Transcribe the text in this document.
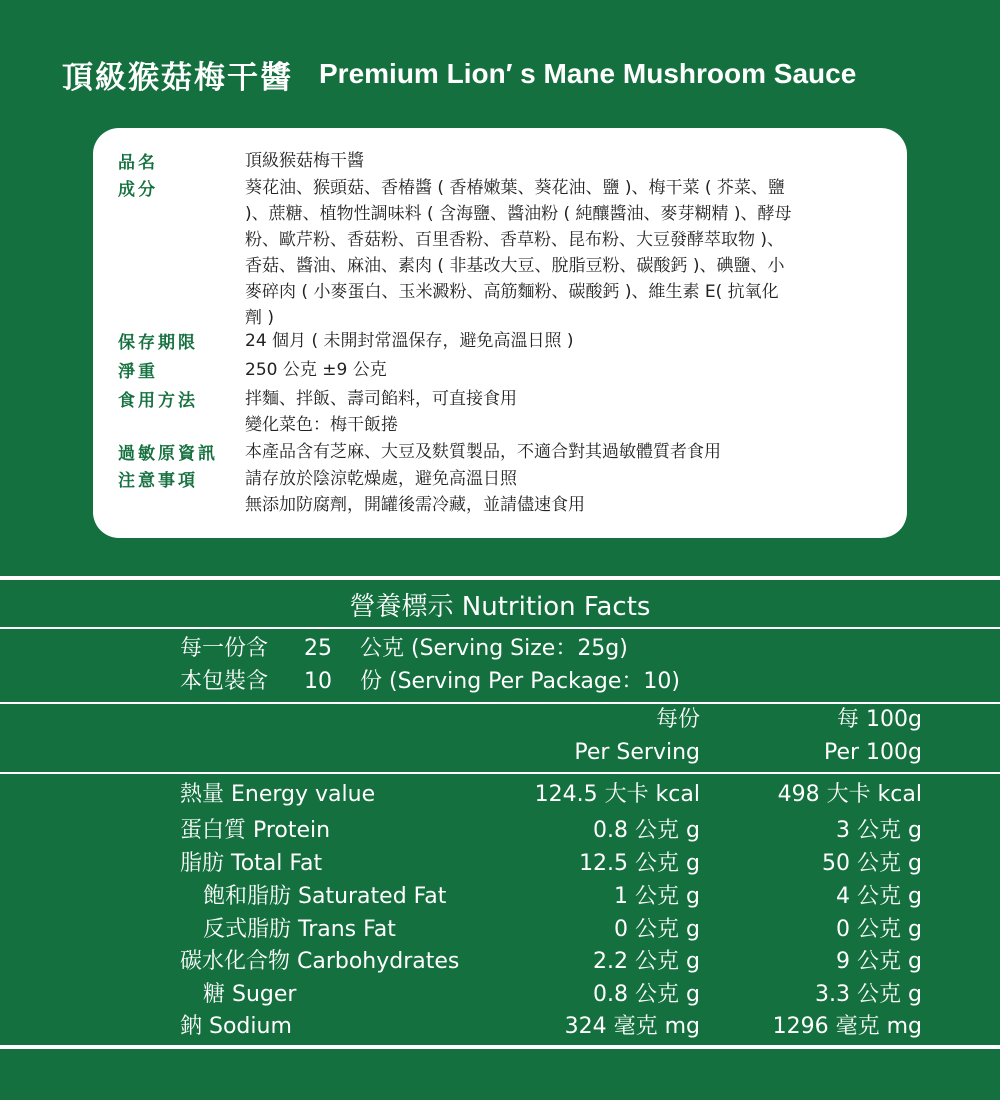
頂級猴菇梅干醬 Premium Lion′ s Mane Mushroom Sauce
品名	頂級猴菇梅干醬
成分	葵花油、猴頭菇、香椿醬 ( 香椿嫩葉、葵花油、鹽 )、梅干菜 ( 芥菜、鹽
)、蔗糖、植物性調味料 ( 含海鹽、醬油粉 ( 純釀醬油、麥芽糊精 )、酵母
粉、歐芹粉、香菇粉、百里香粉、香草粉、昆布粉、大豆發酵萃取物 )、
香菇、醬油、麻油、素肉 ( 非基改大豆、脫脂豆粉、碳酸鈣 )、碘鹽、小
麥碎肉 ( 小麥蛋白、玉米澱粉、高筋麵粉、碳酸鈣 )、維生素 E( 抗氧化
劑 )
保存期限	24 個月 ( 未開封常溫保存，避免高溫日照 )
淨重	250 公克 ±9 公克
食用方法	拌麵、拌飯、壽司餡料，可直接食用
變化菜色：梅干飯捲
過敏原資訊 本產品含有芝麻、大豆及麩質製品，不適合對其過敏體質者食用
注意事項	請存放於陰涼乾燥處，避免高溫日照
無添加防腐劑，開罐後需冷藏，並請儘速食用
營養標示 Nutrition Facts
每一份含 25 公克 (Serving Size：25g)
本包裝含 10 份 (Serving Per Package：10)
每份
Per Serving
每 100g
Per 100g
熱量 Energy value	124.5 大卡 kcal	498 大卡 kcal
蛋白質 Protein	0.8 公克 g	3 公克 g
脂肪 Total Fat	12.5 公克 g	50 公克 g
飽和脂肪 Saturated Fat	1 公克 g	4 公克 g
反式脂肪 Trans Fat	0 公克 g	0 公克 g
碳水化合物 Carbohydrates	2.2 公克 g	9 公克 g
糖 Suger	0.8 公克 g	3.3 公克 g
鈉 Sodium	324 毫克 mg	1296 毫克 mg
